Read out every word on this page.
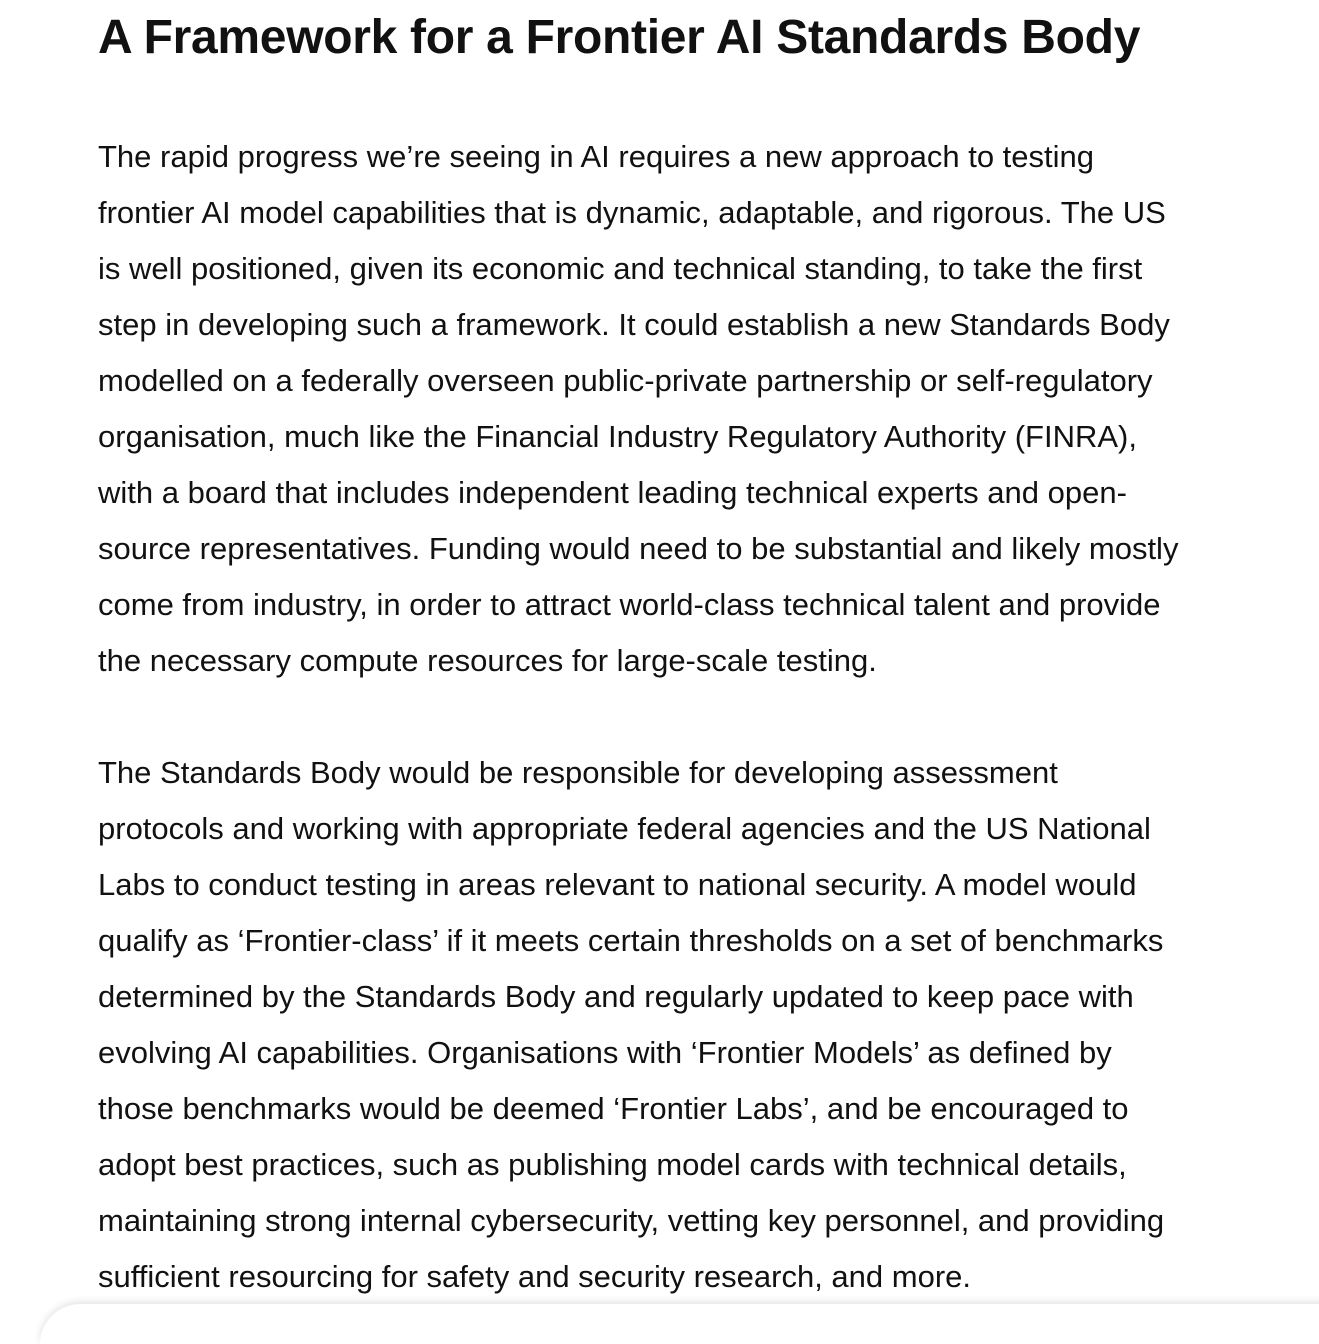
A Framework for a Frontier AI Standards Body

The rapid progress we’re seeing in AI requires a new approach to testing
frontier AI model capabilities that is dynamic, adaptable, and rigorous. The US
is well positioned, given its economic and technical standing, to take the first
step in developing such a framework. It could establish a new Standards Body
modelled on a federally overseen public-private partnership or self-regulatory
organisation, much like the Financial Industry Regulatory Authority (FINRA),
with a board that includes independent leading technical experts and open-
source representatives. Funding would need to be substantial and likely mostly
come from industry, in order to attract world-class technical talent and provide
the necessary compute resources for large-scale testing.

The Standards Body would be responsible for developing assessment
protocols and working with appropriate federal agencies and the US National
Labs to conduct testing in areas relevant to national security. A model would
qualify as ‘Frontier-class’ if it meets certain thresholds on a set of benchmarks
determined by the Standards Body and regularly updated to keep pace with
evolving AI capabilities. Organisations with ‘Frontier Models’ as defined by
those benchmarks would be deemed ‘Frontier Labs’, and be encouraged to
adopt best practices, such as publishing model cards with technical details,
maintaining strong internal cybersecurity, vetting key personnel, and providing
sufficient resourcing for safety and security research, and more.
